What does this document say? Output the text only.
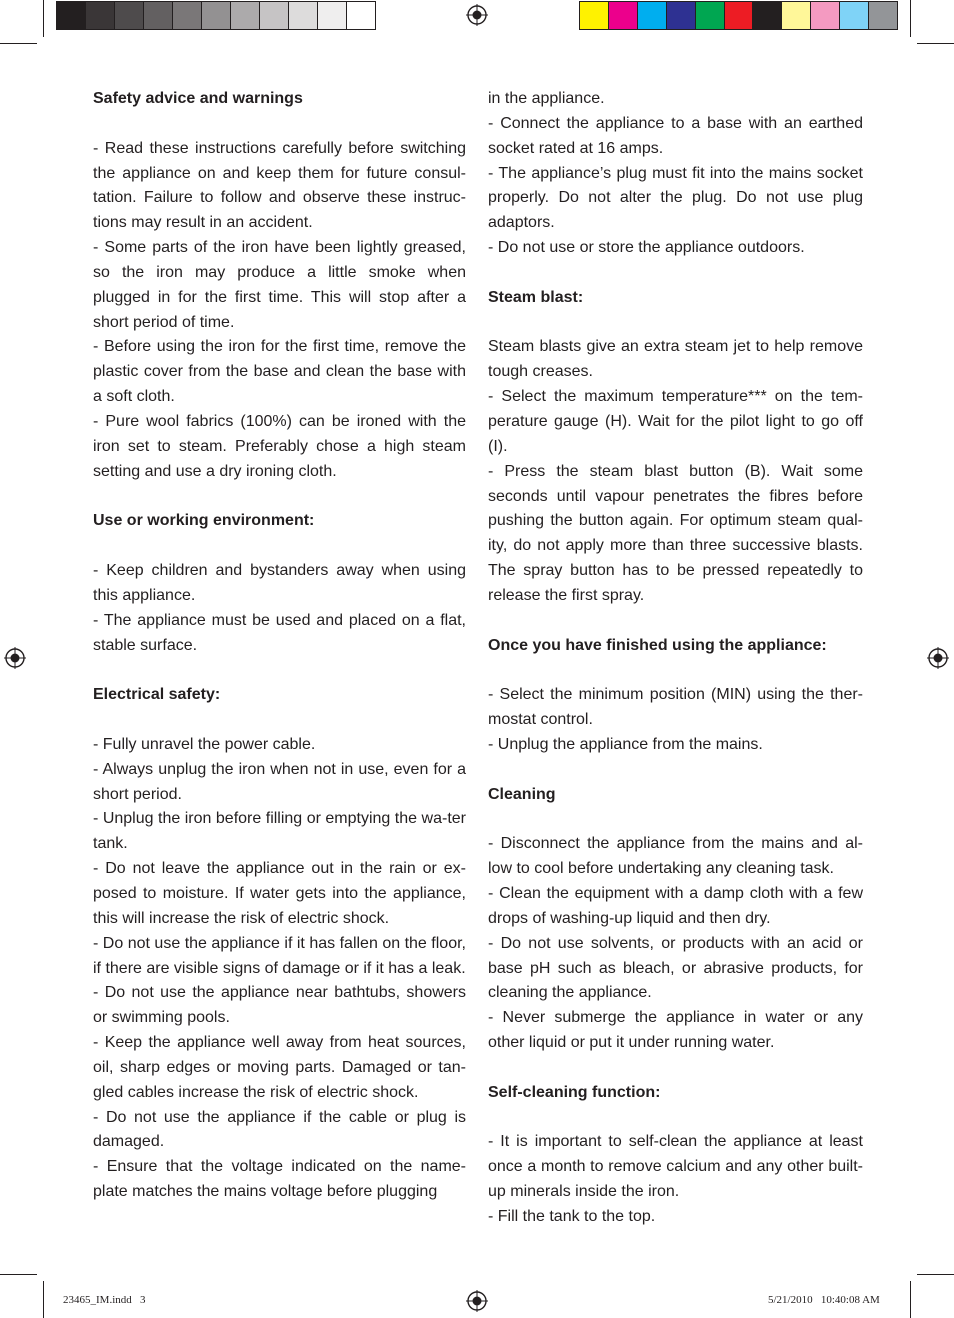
Safety advice and warnings

- Read these instructions carefully before switching the appliance on and keep them for future consul-tation. Failure to follow and observe these instruc-tions may result in an accident.

- Some parts of the iron have been lightly greased, so the iron may produce a little smoke when plugged in for the first time. This will stop after a short period of time.

- Before using the iron for the first time, remove the plastic cover from the base and clean the base with a soft cloth.

- Pure wool fabrics (100%) can be ironed with the iron set to steam. Preferably chose a high steam setting and use a dry ironing cloth.

Use or working environment:

- Keep children and bystanders away when using this appliance.

- The appliance must be used and placed on a flat, stable surface.

Electrical safety:

- Fully unravel the power cable.

- Always unplug the iron when not in use, even for a short period.

- Unplug the iron before filling or emptying the wa-ter tank.

- Do not leave the appliance out in the rain or ex-posed to moisture. If water gets into the appliance, this will increase the risk of electric shock.

- Do not use the appliance if it has fallen on the floor, if there are visible signs of damage or if it has a leak.

- Do not use the appliance near bathtubs, showers or swimming pools.

- Keep the appliance well away from heat sources, oil, sharp edges or moving parts. Damaged or tan-gled cables increase the risk of electric shock.

- Do not use the appliance if the cable or plug is damaged.

- Ensure that the voltage indicated on the name-plate matches the mains voltage before plugging

in the appliance.

- Connect the appliance to a base with an earthed socket rated at 16 amps.

- The appliance’s plug must fit into the mains socket properly. Do not alter the plug. Do not use plug adaptors.

- Do not use or store the appliance outdoors.

Steam blast:

Steam blasts give an extra steam jet to help remove tough creases.

- Select the maximum temperature*** on the tem-perature gauge (H). Wait for the pilot light to go off (I).

- Press the steam blast button (B). Wait some seconds until vapour penetrates the fibres before pushing the button again. For optimum steam qual-ity, do not apply more than three successive blasts. The spray button has to be pressed repeatedly to release the first spray.

Once you have finished using the appliance:

- Select the minimum position (MIN) using the ther-mostat control.

- Unplug the appliance from the mains.

Cleaning

- Disconnect the appliance from the mains and al-low to cool before undertaking any cleaning task.

- Clean the equipment with a damp cloth with a few drops of washing-up liquid and then dry.

- Do not use solvents, or products with an acid or base pH such as bleach, or abrasive products, for cleaning the appliance.

- Never submerge the appliance in water or any other liquid or put it under running water.

Self-cleaning function:

- It is important to self-clean the appliance at least once a month to remove calcium and any other built-up minerals inside the iron.

- Fill the tank to the top.

23465_IM.indd   3	5/21/2010   10:40:08 AM
